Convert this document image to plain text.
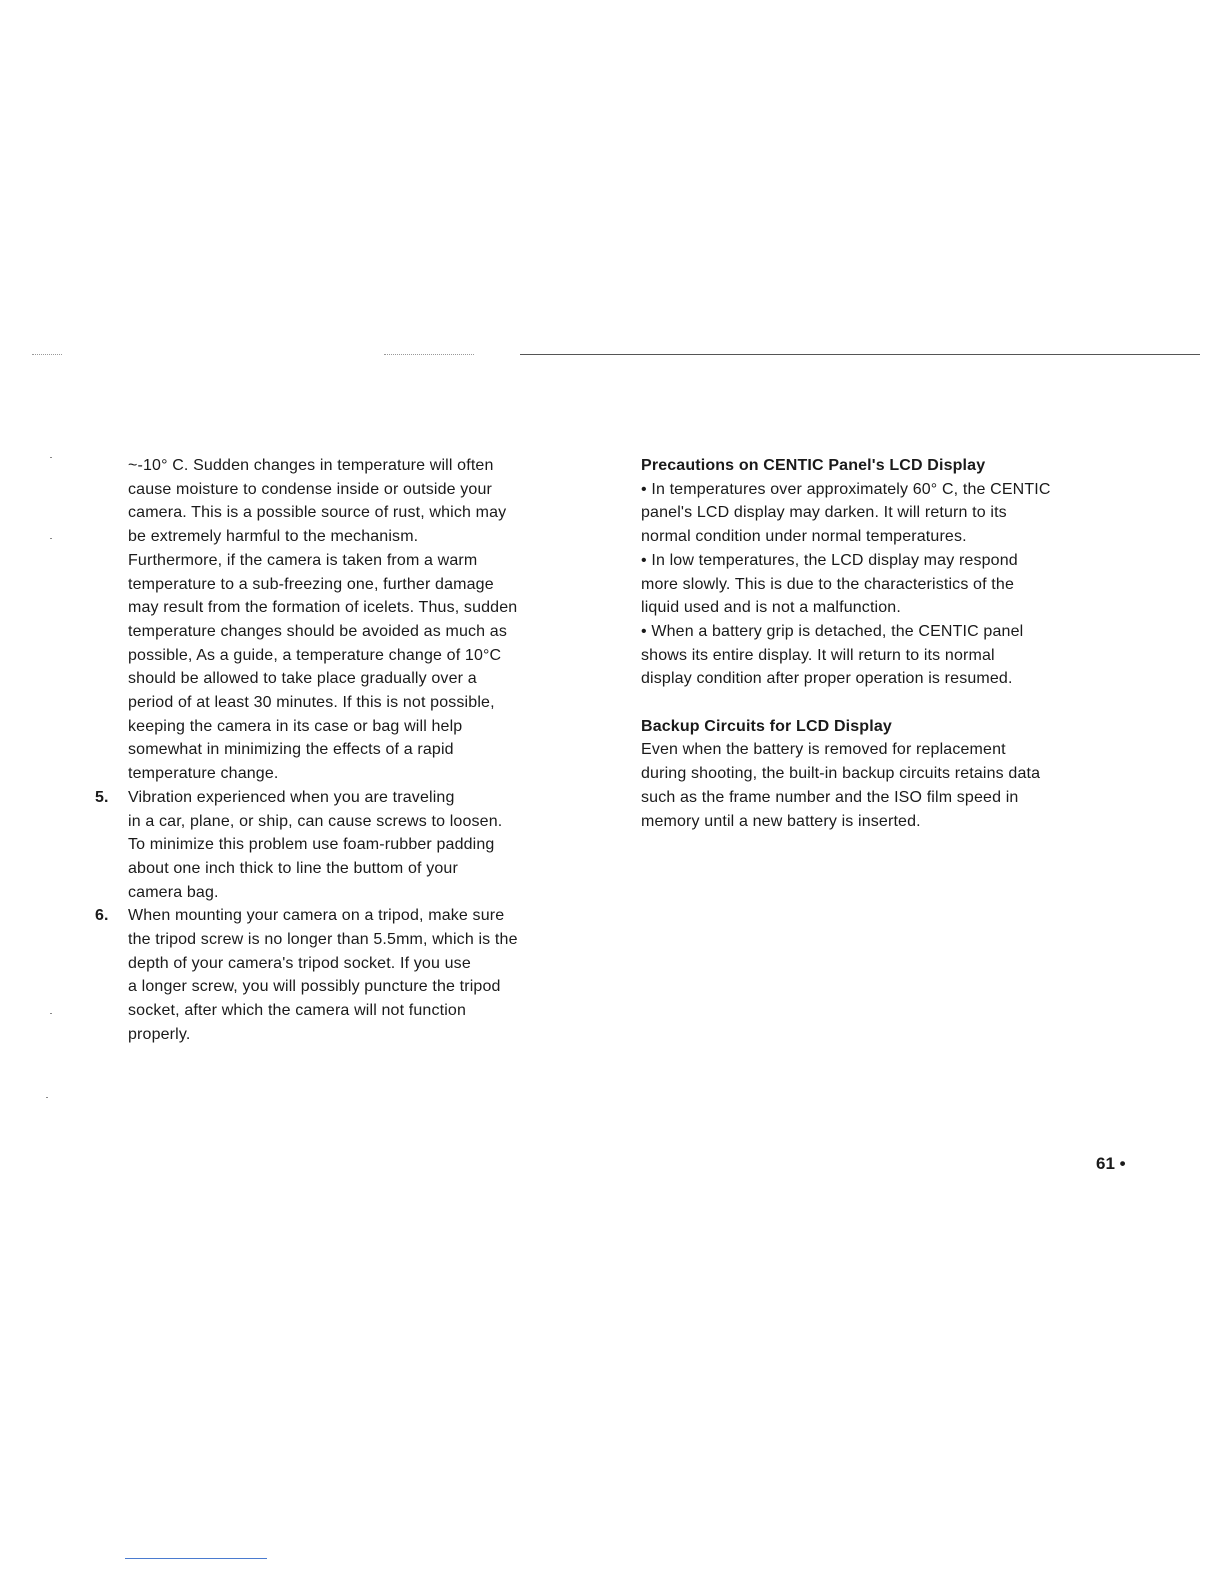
~-10° C. Sudden changes in temperature will often
cause moisture to condense inside or outside your
camera. This is a possible source of rust, which may
be extremely harmful to the mechanism.
Furthermore, if the camera is taken from a warm
temperature to a sub-freezing one, further damage
may result from the formation of icelets. Thus, sudden
temperature changes should be avoided as much as
possible, As a guide, a temperature change of 10°C
should be allowed to take place gradually over a
period of at least 30 minutes. If this is not possible,
keeping the camera in its case or bag will help
somewhat in minimizing the effects of a rapid
temperature change.
5. Vibration experienced when you are traveling
in a car, plane, or ship, can cause screws to loosen.
To minimize this problem use foam-rubber padding
about one inch thick to line the buttom of your
camera bag.
6. When mounting your camera on a tripod, make sure
the tripod screw is no longer than 5.5mm, which is the
depth of your camera's tripod socket. If you use
a longer screw, you will possibly puncture the tripod
socket, after which the camera will not function
properly.
Precautions on CENTIC Panel's LCD Display
• In temperatures over approximately 60° C, the CENTIC
panel's LCD display may darken. It will return to its
normal condition under normal temperatures.
• In low temperatures, the LCD display may respond
more slowly. This is due to the characteristics of the
liquid used and is not a malfunction.
• When a battery grip is detached, the CENTIC panel
shows its entire display. It will return to its normal
display condition after proper operation is resumed.
Backup Circuits for LCD Display
Even when the battery is removed for replacement
during shooting, the built-in backup circuits retains data
such as the frame number and the ISO film speed in
memory until a new battery is inserted.
61 •
